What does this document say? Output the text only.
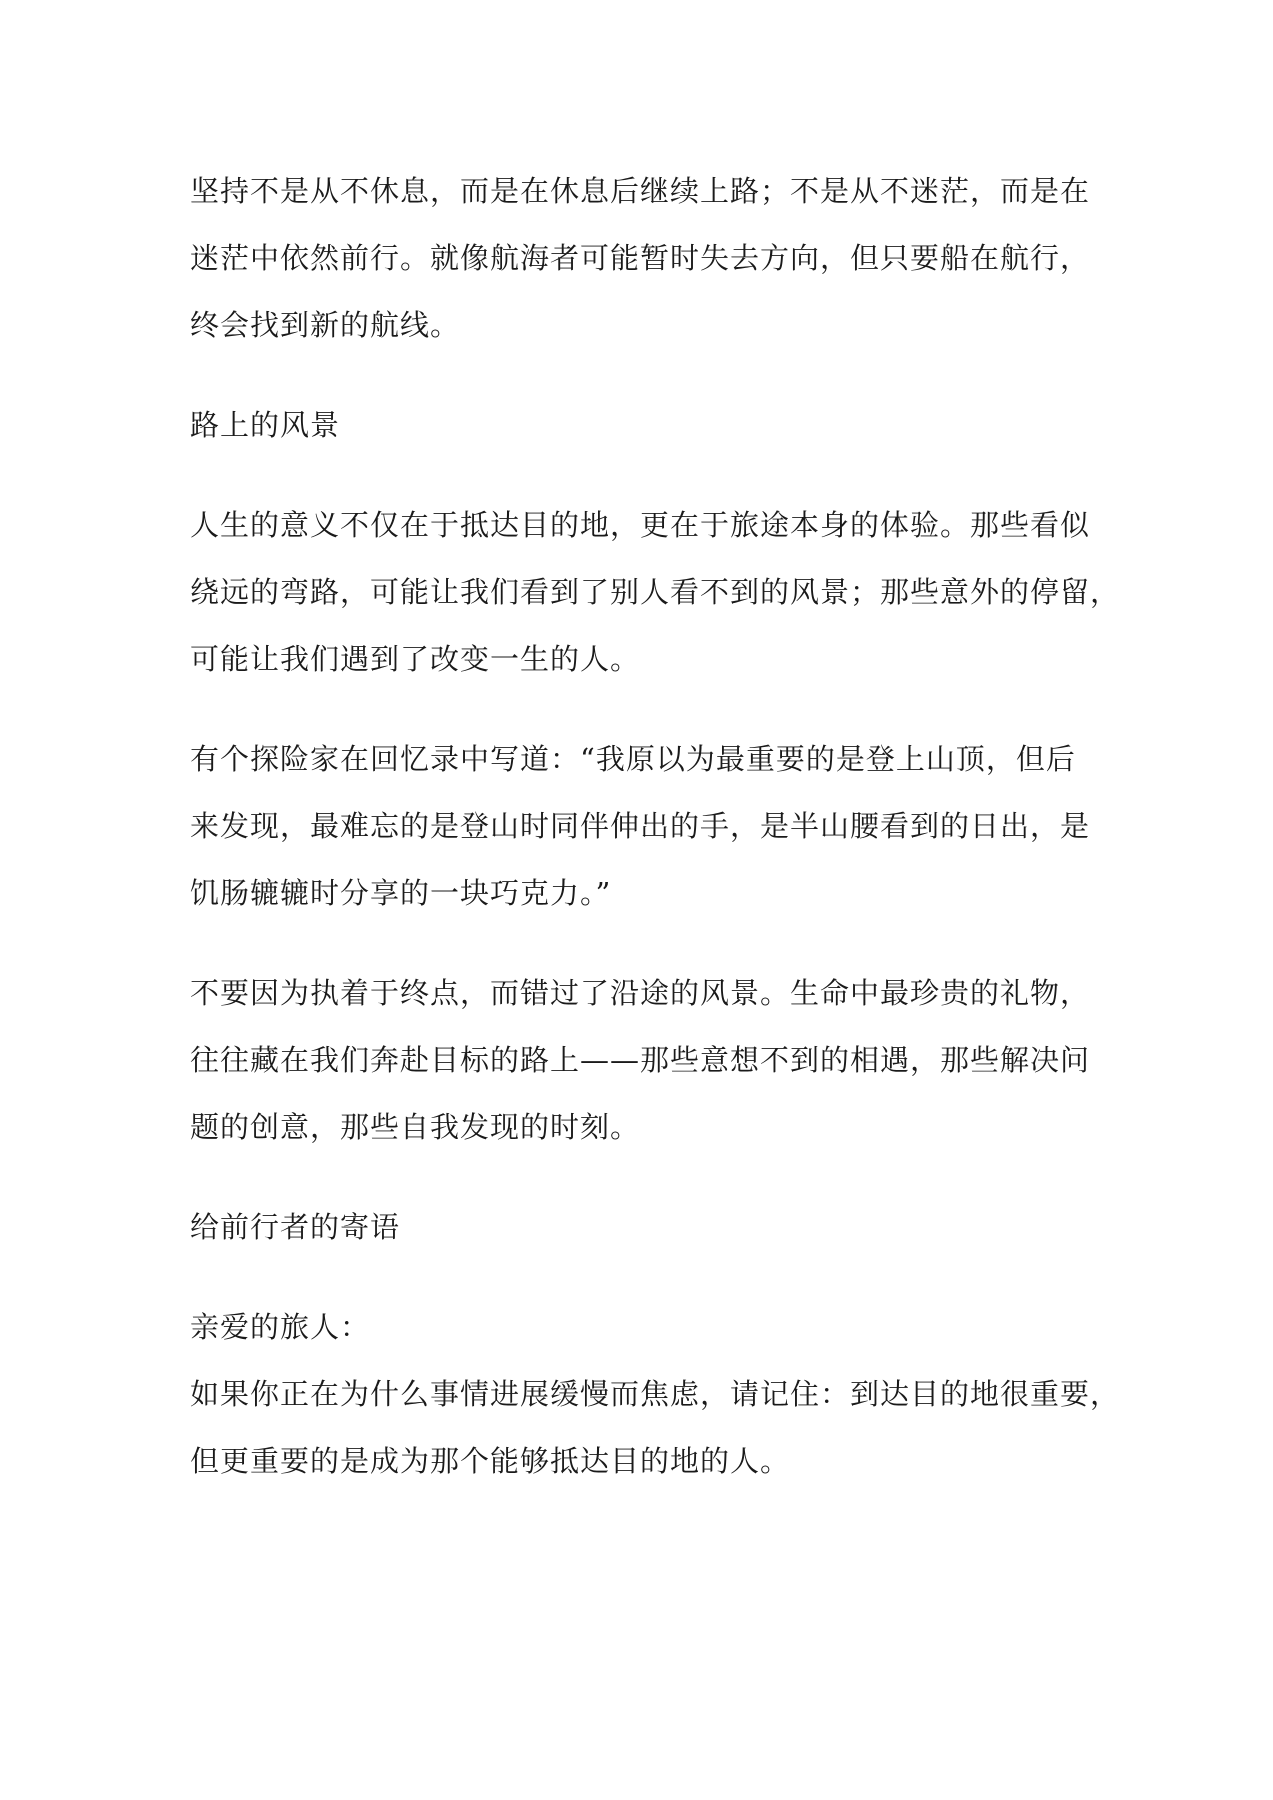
坚持不是从不休息，而是在休息后继续上路；不是从不迷茫，而是在
迷茫中依然前行。就像航海者可能暂时失去方向，但只要船在航行，
终会找到新的航线。
路上的风景
人生的意义不仅在于抵达目的地，更在于旅途本身的体验。那些看似
绕远的弯路，可能让我们看到了别人看不到的风景；那些意外的停留，
可能让我们遇到了改变一生的人。
有个探险家在回忆录中写道：“我原以为最重要的是登上山顶，但后
来发现，最难忘的是登山时同伴伸出的手，是半山腰看到的日出，是
饥肠辘辘时分享的一块巧克力。”
不要因为执着于终点，而错过了沿途的风景。生命中最珍贵的礼物，
往往藏在我们奔赴目标的路上——那些意想不到的相遇，那些解决问
题的创意，那些自我发现的时刻。
给前行者的寄语
亲爱的旅人：
如果你正在为什么事情进展缓慢而焦虑，请记住：到达目的地很重要，
但更重要的是成为那个能够抵达目的地的人。
